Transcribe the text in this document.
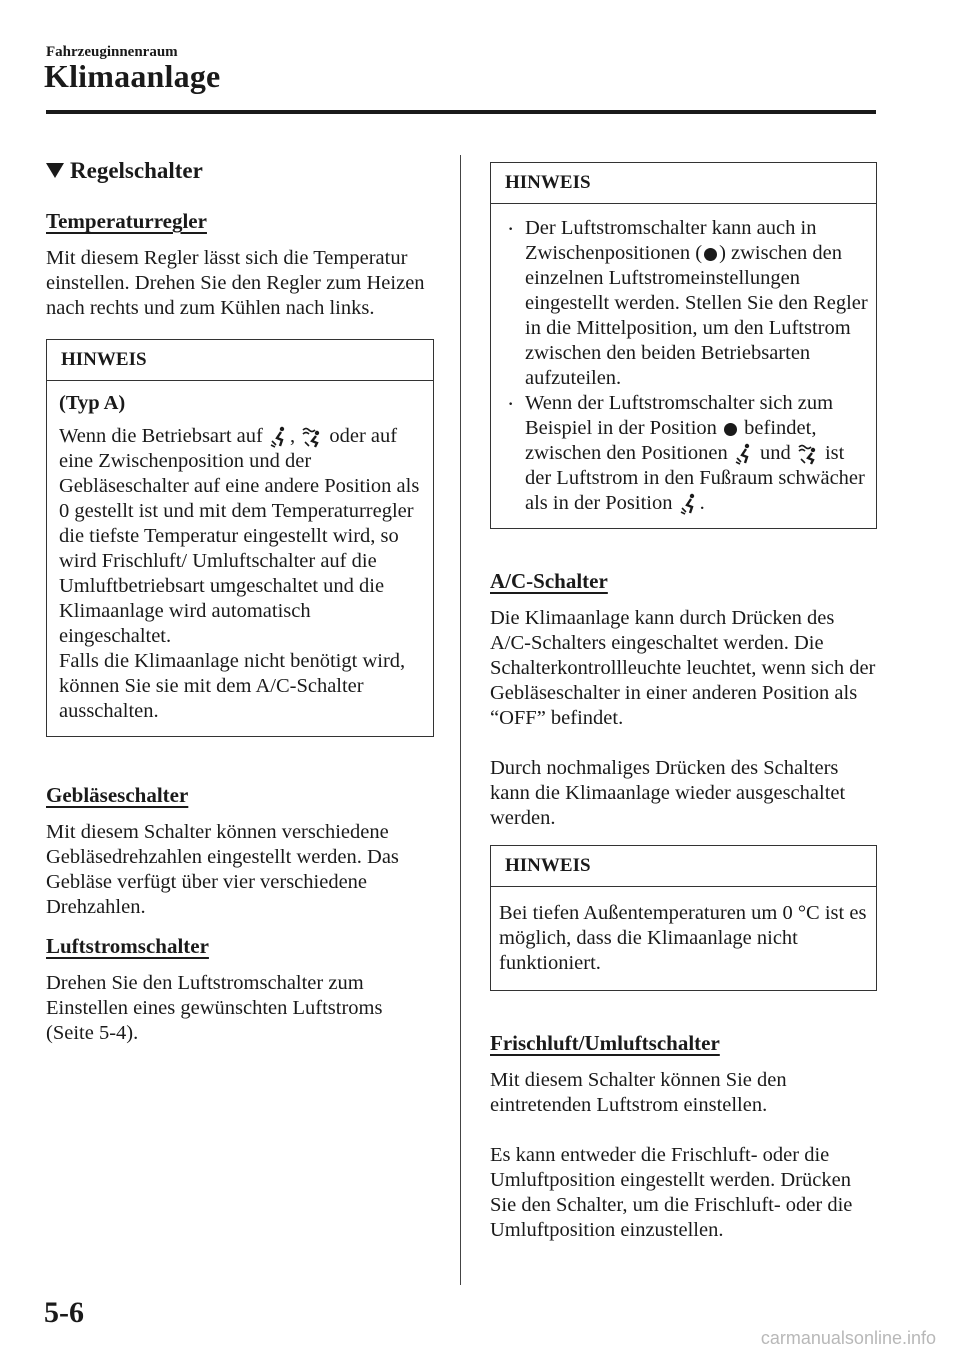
Fahrzeuginnenraum
Klimaanlage
Regelschalter
Temperaturregler

Mit diesem Regler lässt sich die Temperatur einstellen. Drehen Sie den Regler zum Heizen nach rechts und zum Kühlen nach links.

HINWEIS
(Typ A)
Wenn die Betriebsart auf , oder auf eine Zwischenposition und der Gebläseschalter auf eine andere Position als 0 gestellt ist und mit dem Temperaturregler die tiefste Temperatur eingestellt wird, so wird Frischluft/ Umluftschalter auf die Umluftbetriebsart umgeschaltet und die Klimaanlage wird automatisch eingeschaltet.
Falls die Klimaanlage nicht benötigt wird, können Sie sie mit dem A/C-Schalter ausschalten.
Gebläseschalter

Mit diesem Schalter können verschiedene Gebläsedrehzahlen eingestellt werden. Das Gebläse verfügt über vier verschiedene Drehzahlen.

Luftstromschalter

Drehen Sie den Luftstromschalter zum Einstellen eines gewünschten Luftstroms (Seite 5-4).

HINWEIS
· Der Luftstromschalter kann auch in Zwischenpositionen ( ) zwischen den einzelnen Luftstromeinstellungen eingestellt werden. Stellen Sie den Regler in die Mittelposition, um den Luftstrom zwischen den beiden Betriebsarten aufzuteilen.
· Wenn der Luftstromschalter sich zum Beispiel in der Position befindet, zwischen den Positionen und ist der Luftstrom in den Fußraum schwächer als in der Position .
A/C-Schalter

Die Klimaanlage kann durch Drücken des A/C-Schalters eingeschaltet werden. Die Schalterkontrollleuchte leuchtet, wenn sich der Gebläseschalter in einer anderen Position als “OFF” befindet.

Durch nochmaliges Drücken des Schalters kann die Klimaanlage wieder ausgeschaltet werden.

HINWEIS
Bei tiefen Außentemperaturen um 0 °C ist es möglich, dass die Klimaanlage nicht funktioniert.
Frischluft/Umluftschalter

Mit diesem Schalter können Sie den eintretenden Luftstrom einstellen.

Es kann entweder die Frischluft- oder die Umluftposition eingestellt werden. Drücken Sie den Schalter, um die Frischluft- oder die Umluftposition einzustellen.

5-6
carmanualsonline.info
